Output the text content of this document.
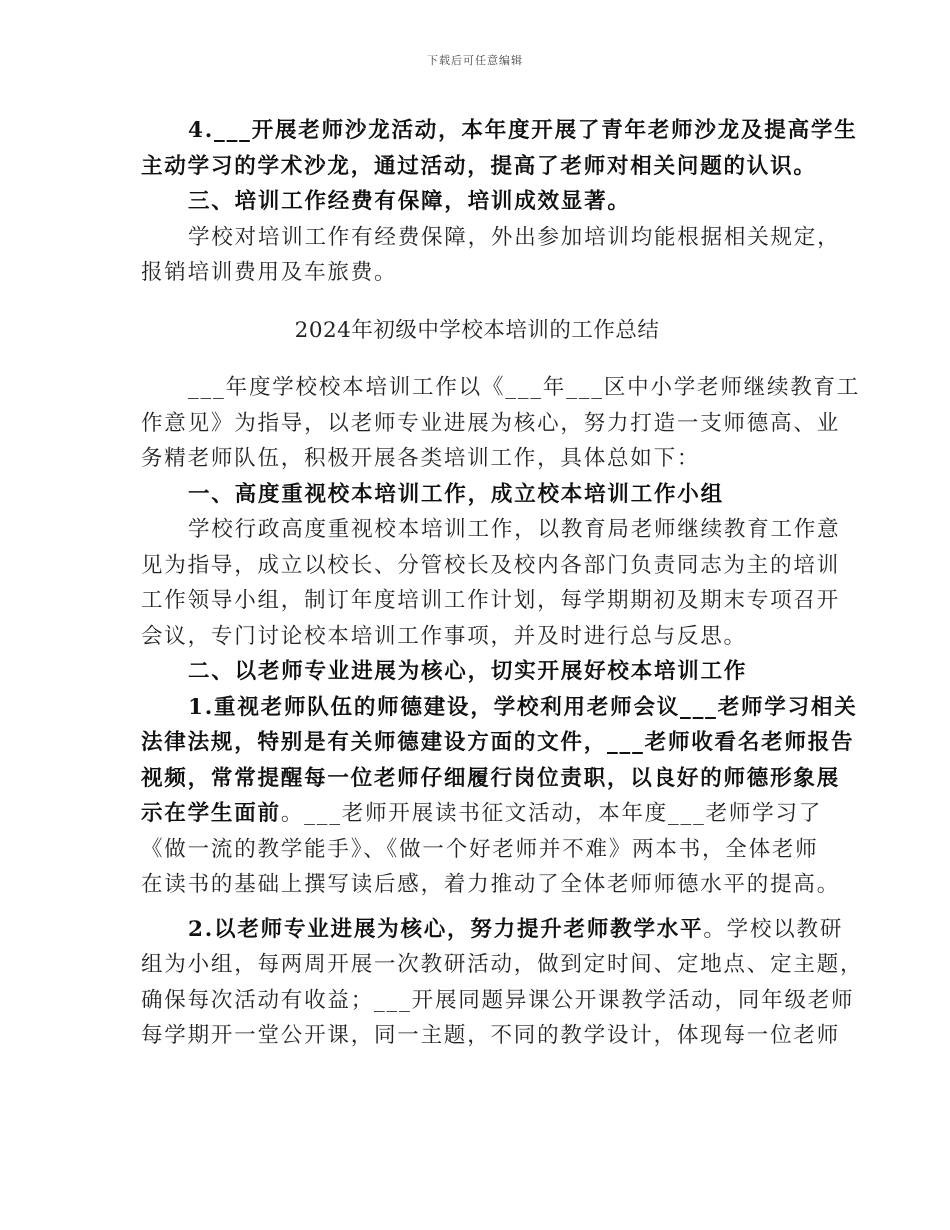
下载后可任意编辑
4.___开展老师沙龙活动，本年度开展了青年老师沙龙及提高学生
主动学习的学术沙龙，通过活动，提高了老师对相关问题的认识。
三、培训工作经费有保障，培训成效显著。
学校对培训工作有经费保障，外出参加培训均能根据相关规定，
报销培训费用及车旅费。
2024年初级中学校本培训的工作总结
___年度学校校本培训工作以《___年___区中小学老师继续教育工
作意见》为指导，以老师专业进展为核心，努力打造一支师德高、业
务精老师队伍，积极开展各类培训工作，具体总如下：
一、高度重视校本培训工作，成立校本培训工作小组
学校行政高度重视校本培训工作，以教育局老师继续教育工作意
见为指导，成立以校长、分管校长及校内各部门负责同志为主的培训
工作领导小组，制订年度培训工作计划，每学期期初及期末专项召开
会议，专门讨论校本培训工作事项，并及时进行总与反思。
二、以老师专业进展为核心，切实开展好校本培训工作
1.重视老师队伍的师德建设，学校利用老师会议___老师学习相关
法律法规，特别是有关师德建设方面的文件，___老师收看名老师报告
视频，常常提醒每一位老师仔细履行岗位责职，以良好的师德形象展
示在学生面前。___老师开展读书征文活动，本年度___老师学习了
《做一流的教学能手》、《做一个好老师并不难》两本书，全体老师
在读书的基础上撰写读后感，着力推动了全体老师师德水平的提高。
2.以老师专业进展为核心，努力提升老师教学水平。学校以教研
组为小组，每两周开展一次教研活动，做到定时间、定地点、定主题，
确保每次活动有收益；___开展同题异课公开课教学活动，同年级老师
每学期开一堂公开课，同一主题，不同的教学设计，体现每一位老师
